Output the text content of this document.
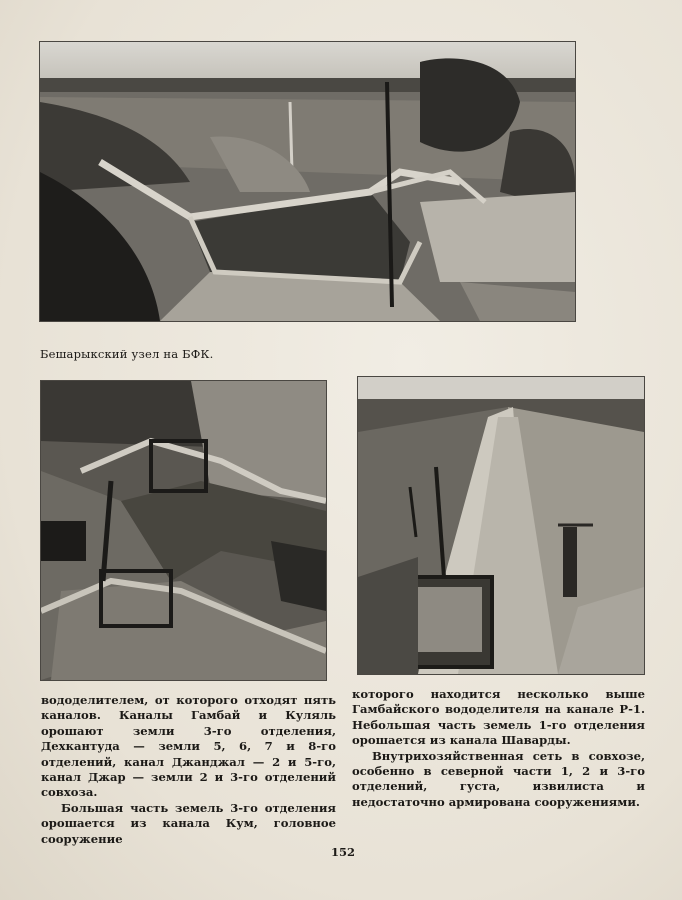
Бешарыкский узел на БФК.

вододелителем, от которого отходят пять каналов. Каналы Гамбай и Куляль орошают земли 3-го отделения, Дехкантуда — земли 5, 6, 7 и 8-го отделений, канал Джанджал — 2 и 5-го, канал Джар — земли 2 и 3-го отделений совхоза.

Большая часть земель 3-го отделения орошается из канала Кум, головное сооружение

которого находится несколько выше Гамбайского вододелителя на канале Р-1. Небольшая часть земель 1-го отделения орошается из канала Шаварды.

Внутрихозяйственная сеть в совхозе, особенно в северной части 1, 2 и 3-го отделений, густа, извилиста и недостаточно армирована сооружениями.

152
